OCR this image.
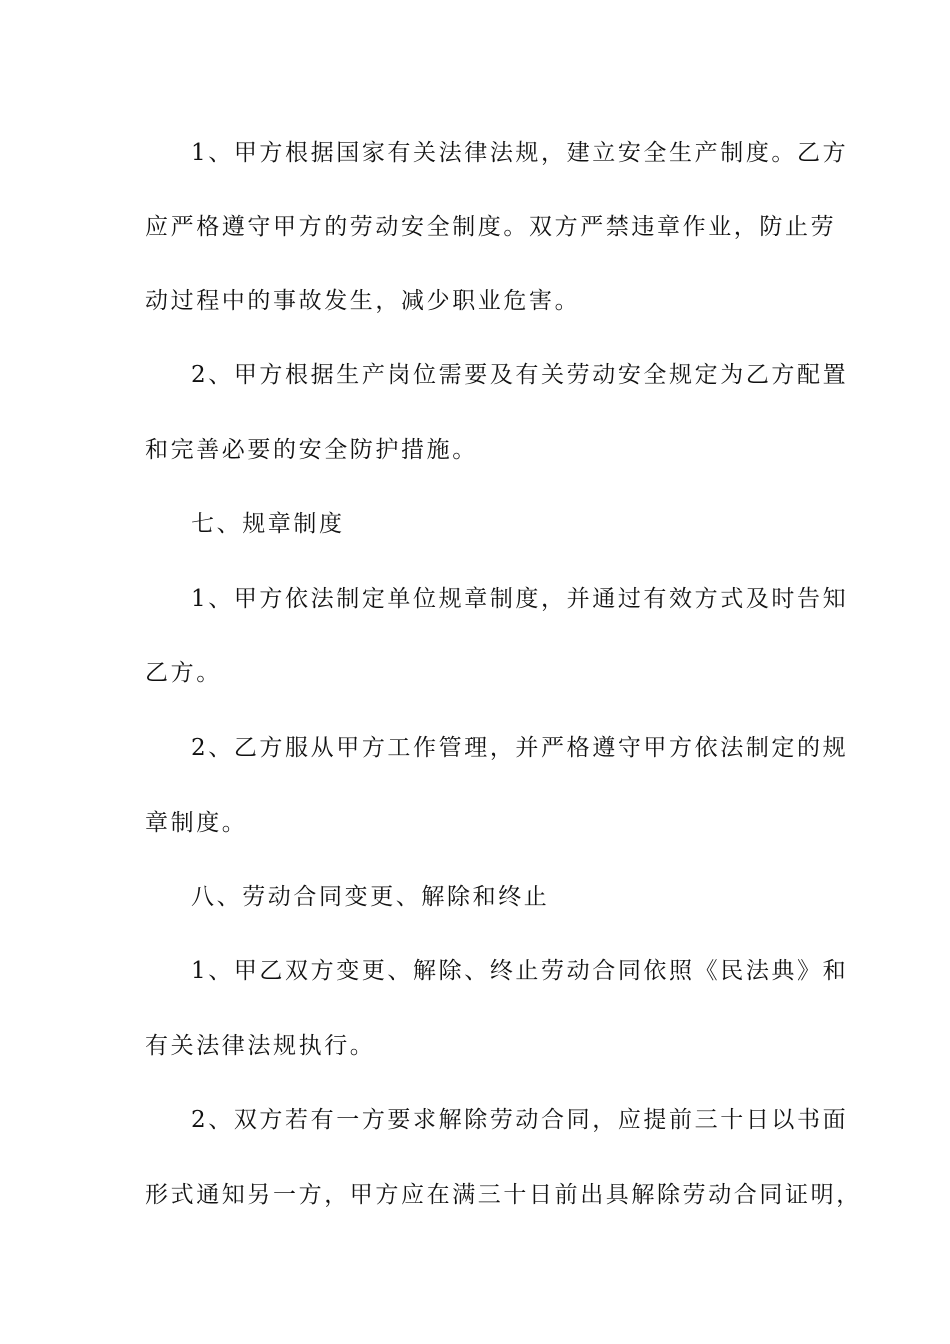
1、甲方根据国家有关法律法规，建立安全生产制度。乙方
应严格遵守甲方的劳动安全制度。双方严禁违章作业，防止劳
动过程中的事故发生，减少职业危害。
2、甲方根据生产岗位需要及有关劳动安全规定为乙方配置
和完善必要的安全防护措施。
七、规章制度
1、甲方依法制定单位规章制度，并通过有效方式及时告知
乙方。
2、乙方服从甲方工作管理，并严格遵守甲方依法制定的规
章制度。
八、劳动合同变更、解除和终止
1、甲乙双方变更、解除、终止劳动合同依照《民法典》和
有关法律法规执行。
2、双方若有一方要求解除劳动合同，应提前三十日以书面
形式通知另一方，甲方应在满三十日前出具解除劳动合同证明，
